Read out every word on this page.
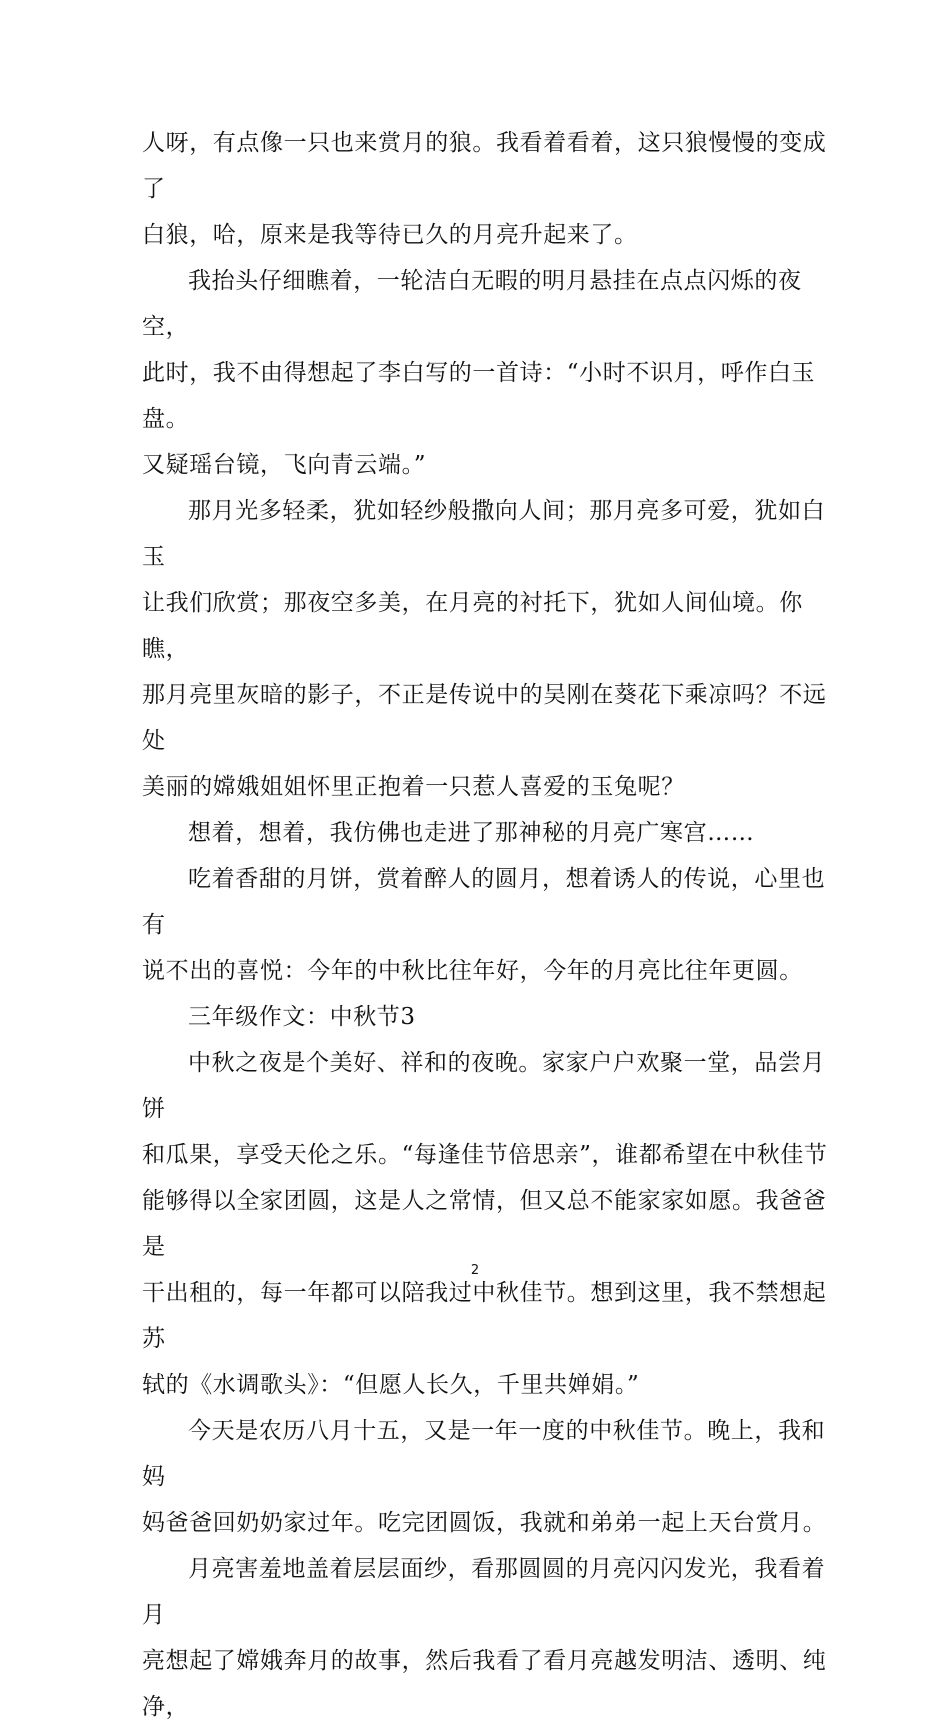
人呀，有点像一只也来赏月的狼。我看着看着，这只狼慢慢的变成了
白狼，哈，原来是我等待已久的月亮升起来了。

我抬头仔细瞧着，一轮洁白无暇的明月悬挂在点点闪烁的夜空，
此时，我不由得想起了李白写的一首诗：“小时不识月，呼作白玉盘。
又疑瑶台镜，飞向青云端。”

那月光多轻柔，犹如轻纱般撒向人间；那月亮多可爱，犹如白玉
让我们欣赏；那夜空多美，在月亮的衬托下，犹如人间仙境。你瞧，
那月亮里灰暗的影子，不正是传说中的吴刚在葵花下乘凉吗？不远处
美丽的嫦娥姐姐怀里正抱着一只惹人喜爱的玉兔呢？

想着，想着，我仿佛也走进了那神秘的月亮广寒宫……

吃着香甜的月饼，赏着醉人的圆月，想着诱人的传说，心里也有
说不出的喜悦：今年的中秋比往年好，今年的月亮比往年更圆。

三年级作文：中秋节3

中秋之夜是个美好、祥和的夜晚。家家户户欢聚一堂，品尝月饼
和瓜果，享受天伦之乐。“每逢佳节倍思亲”，谁都希望在中秋佳节
能够得以全家团圆，这是人之常情，但又总不能家家如愿。我爸爸是
干出租的，每一年都可以陪我过中秋佳节。想到这里，我不禁想起苏
轼的《水调歌头》：“但愿人长久，千里共婵娟。”

今天是农历八月十五，又是一年一度的中秋佳节。晚上，我和妈
妈爸爸回奶奶家过年。吃完团圆饭，我就和弟弟一起上天台赏月。

月亮害羞地盖着层层面纱，看那圆圆的月亮闪闪发光，我看着月
亮想起了嫦娥奔月的故事，然后我看了看月亮越发明洁、透明、纯净，

2
